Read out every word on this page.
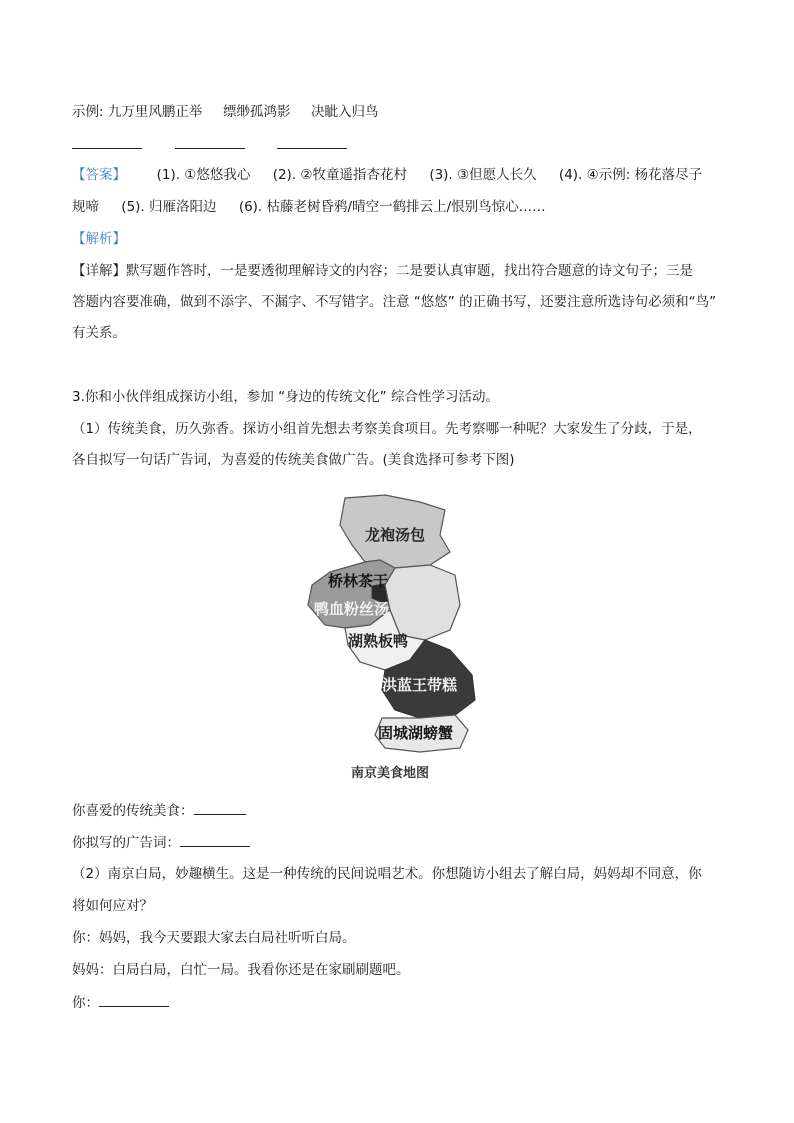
示例: 九万里风鹏正举 缥缈孤鸿影 决眦入归鸟

【答案】 (1). ①悠悠我心 (2). ②牧童遥指杏花村 (3). ③但愿人长久 (4). ④示例: 杨花落尽子
规啼 (5). 归雁洛阳边 (6). 枯藤老树昏鸦/晴空一鹤排云上/恨别鸟惊心……
【解析】
【详解】默写题作答时，一是要透彻理解诗文的内容；二是要认真审题，找出符合题意的诗文句子；三是
答题内容要准确，做到不添字、不漏字、不写错字。注意 “悠悠” 的正确书写，还要注意所选诗句必须和“鸟”
有关系。
3.你和小伙伴组成探访小组，参加 “身边的传统文化” 综合性学习活动。
（1）传统美食，历久弥香。探访小组首先想去考察美食项目。先考察哪一种呢？大家发生了分歧，于是，
各自拟写一句话广告词，为喜爱的传统美食做广告。(美食选择可参考下图)
龙袍汤包
桥林茶干
鸭血粉丝汤
湖熟板鸭
洪蓝王带糕
固城湖螃蟹
南京美食地图
你喜爱的传统美食：
你拟写的广告词：
（2）南京白局，妙趣横生。这是一种传统的民间说唱艺术。你想随访小组去了解白局，妈妈却不同意，你
将如何应对？
你：妈妈，我今天要跟大家去白局社听听白局。
妈妈：白局白局，白忙一局。我看你还是在家刷刷题吧。
你：
